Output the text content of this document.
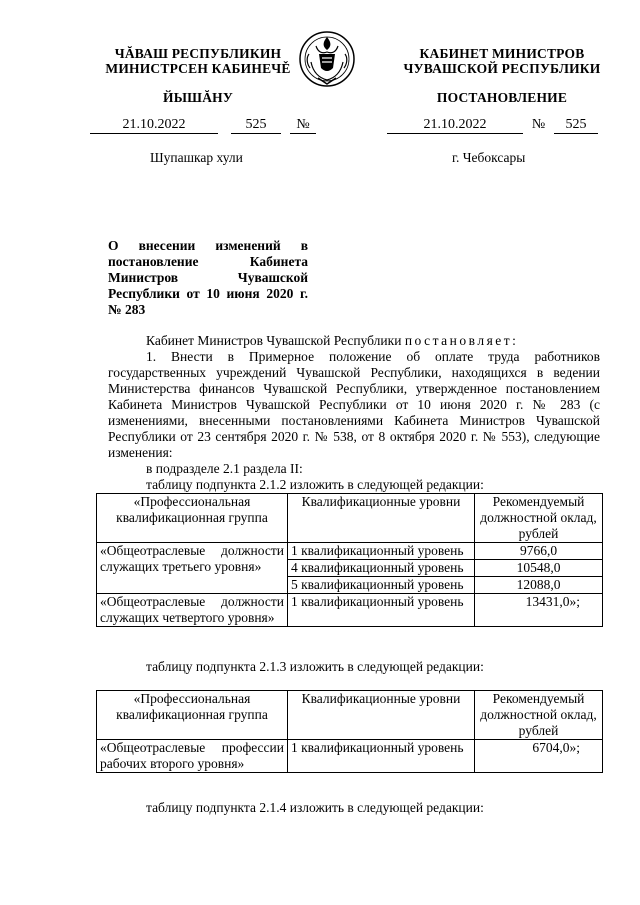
ЧĂВАШ РЕСПУБЛИКИН
МИНИСТРСЕН КАБИНЕЧĚ
ЙЫШĂНУ
КАБИНЕТ МИНИСТРОВ
ЧУВАШСКОЙ РЕСПУБЛИКИ
ПОСТАНОВЛЕНИЕ
21.10.2022	525 №	21.10.2022	№ 525
Шупашкар хули	г. Чебоксары
О внесении изменений в постановление Кабинета Министров Чувашской Республики от 10 июня 2020 г. № 283

Кабинет Министров Чувашской Республики постановляет:

1. Внести в Примерное положение об оплате труда работников государственных учреждений Чувашской Республики, находящихся в ведении Министерства финансов Чувашской Республики, утвержденное постановлением Кабинета Министров Чувашской Республики от 10 июня 2020 г. № 283 (с изменениями, внесенными постановлениями Кабинета Министров Чувашской Республики от 23 сентября 2020 г. № 538, от 8 октября 2020 г. № 553), следующие изменения:

в подразделе 2.1 раздела II:

таблицу подпункта 2.1.2 изложить в следующей редакции:

«Профессиональная квалификационная группа	Квалификационные уровни	Рекомендуемый должностной оклад, рублей
«Общеотраслевые должности служащих третьего уровня»	1 квалификационный уровень	9766,0
	4 квалификационный уровень	10548,0
	5 квалификационный уровень	12088,0
«Общеотраслевые должности служащих четвертого уровня»	1 квалификационный уровень	13431,0»;

таблицу подпункта 2.1.3 изложить в следующей редакции:

«Профессиональная квалификационная группа	Квалификационные уровни	Рекомендуемый должностной оклад, рублей
«Общеотраслевые профессии рабочих второго уровня»	1 квалификационный уровень	6704,0»;

таблицу подпункта 2.1.4 изложить в следующей редакции:
